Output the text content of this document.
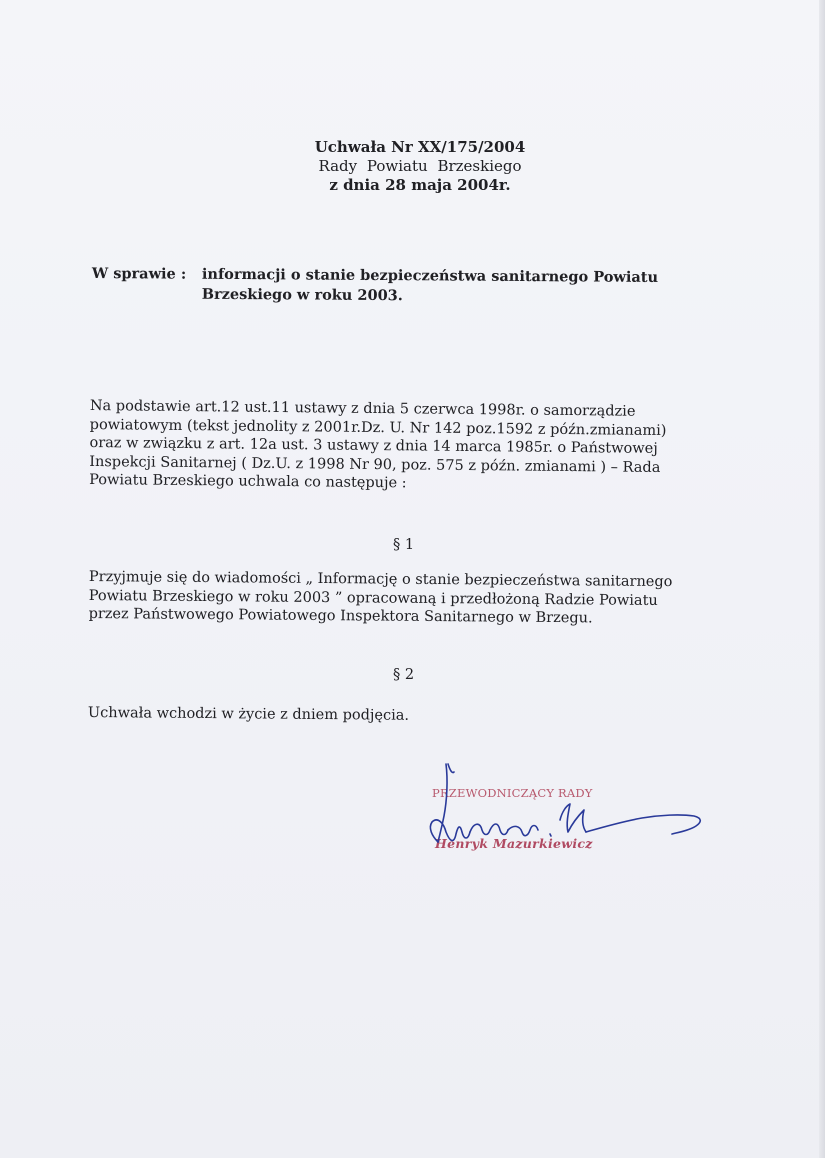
Uchwała Nr XX/175/2004
Rady Powiatu Brzeskiego
z dnia 28 maja 2004r.
W sprawie : informacji o stanie bezpieczeństwa sanitarnego Powiatu Brzeskiego w roku 2003.
Na podstawie art.12 ust.11 ustawy z dnia 5 czerwca 1998r. o samorządzie
powiatowym (tekst jednolity z 2001r.Dz. U. Nr 142 poz.1592 z późn.zmianami)
oraz w związku z art. 12a ust. 3 ustawy z dnia 14 marca 1985r. o Państwowej
Inspekcji Sanitarnej ( Dz.U. z 1998 Nr 90, poz. 575 z późn. zmianami ) – Rada
Powiatu Brzeskiego uchwala co następuje :
§ 1
Przyjmuje się do wiadomości „ Informację o stanie bezpieczeństwa sanitarnego
Powiatu Brzeskiego w roku 2003 ” opracowaną i przedłożoną Radzie Powiatu
przez Państwowego Powiatowego Inspektora Sanitarnego w Brzegu.
§ 2
Uchwała wchodzi w życie z dniem podjęcia.
PRZEWODNICZĄCY RADY
Henryk Mazurkiewicz
